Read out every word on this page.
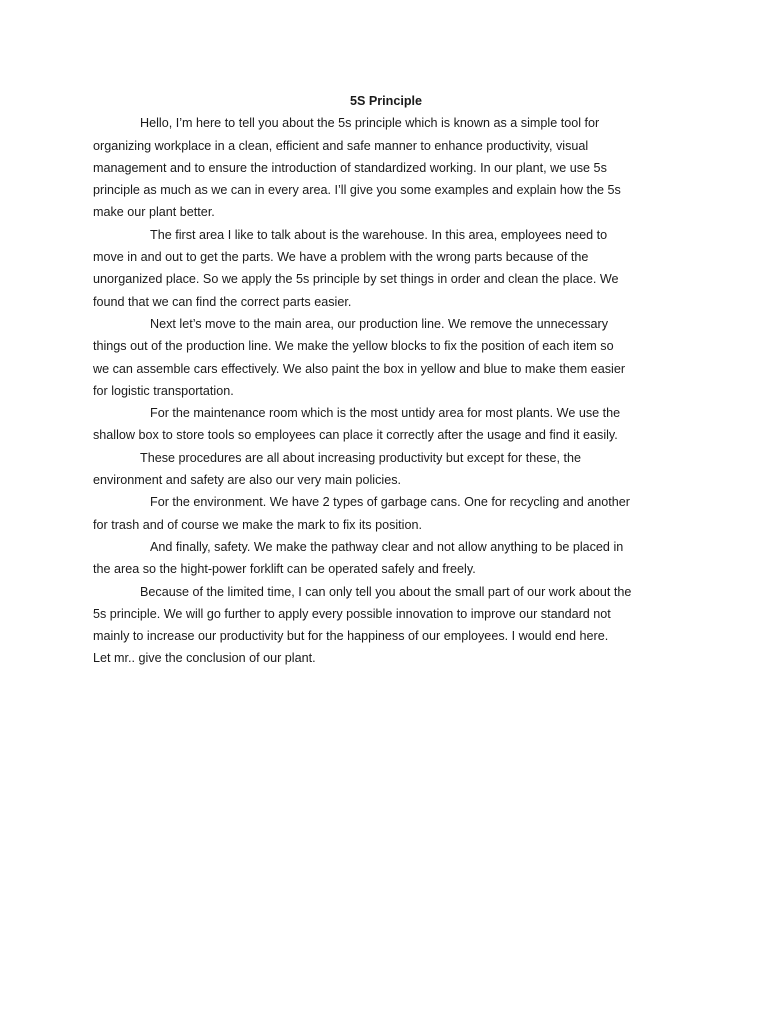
5S Principle

Hello, I’m here to tell you about the 5s principle which is known as a simple tool for
organizing workplace in a clean, efficient and safe manner to enhance productivity, visual
management and to ensure the introduction of standardized working. In our plant, we use 5s
principle as much as we can in every area. I’ll give you some examples and explain how the 5s
make our plant better.

The first area I like to talk about is the warehouse. In this area, employees need to
move in and out to get the parts. We have a problem with the wrong parts because of the
unorganized place. So we apply the 5s principle by set things in order and clean the place. We
found that we can find the correct parts easier.

Next let’s move to the main area, our production line. We remove the unnecessary
things out of the production line. We make the yellow blocks to fix the position of each item so
we can assemble cars effectively. We also paint the box in yellow and blue to make them easier
for logistic transportation.

For the maintenance room which is the most untidy area for most plants. We use the
shallow box to store tools so employees can place it correctly after the usage and find it easily.

These procedures are all about increasing productivity but except for these, the
environment and safety are also our very main policies.

For the environment. We have 2 types of garbage cans. One for recycling and another
for trash and of course we make the mark to fix its position.

And finally, safety. We make the pathway clear and not allow anything to be placed in
the area so the hight-power forklift can be operated safely and freely.

Because of the limited time, I can only tell you about the small part of our work about the
5s principle. We will go further to apply every possible innovation to improve our standard not
mainly to increase our productivity but for the happiness of our employees. I would end here.
Let mr.. give the conclusion of our plant.
